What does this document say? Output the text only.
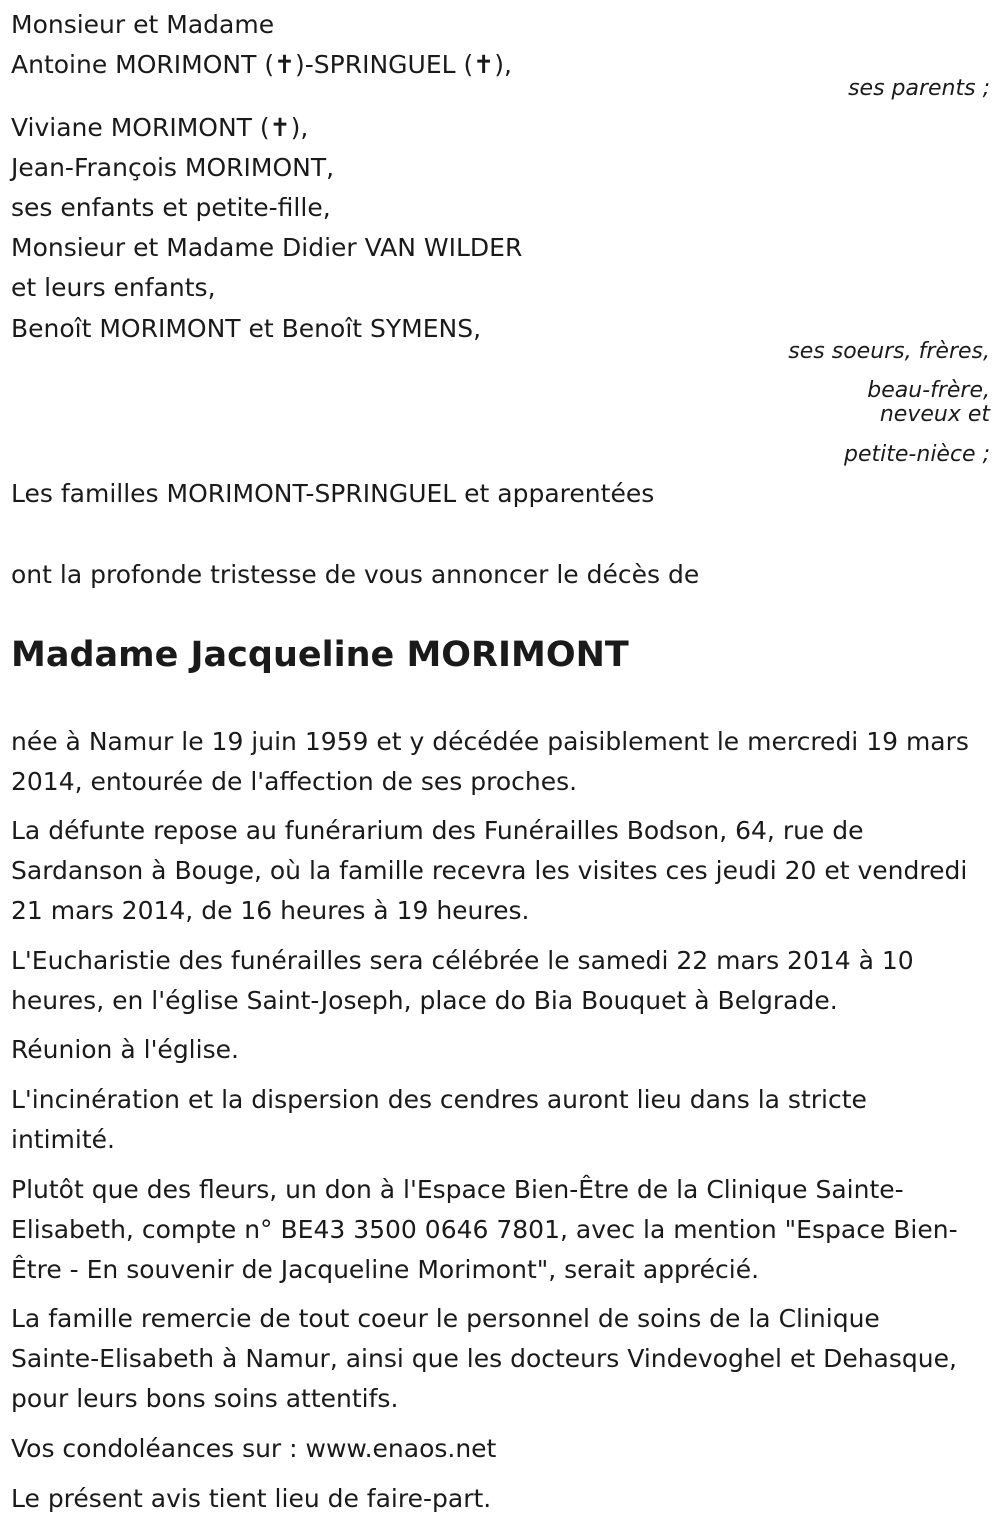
Monsieur et Madame

Antoine MORIMONT (✝)-SPRINGUEL (✝),

ses parents ;

Viviane MORIMONT (✝),

Jean-François MORIMONT,

ses enfants et petite-fille,

Monsieur et Madame Didier VAN WILDER

et leurs enfants,

Benoît MORIMONT et Benoît SYMENS,

ses soeurs, frères,

beau-frère,

neveux et

petite-nièce ;

Les familles MORIMONT-SPRINGUEL et apparentées

ont la profonde tristesse de vous annoncer le décès de

Madame Jacqueline MORIMONT

née à Namur le 19 juin 1959 et y décédée paisiblement le mercredi 19 mars 2014, entourée de l'affection de ses proches.

La défunte repose au funérarium des Funérailles Bodson, 64, rue de Sardanson à Bouge, où la famille recevra les visites ces jeudi 20 et vendredi 21 mars 2014, de 16 heures à 19 heures.

L'Eucharistie des funérailles sera célébrée le samedi 22 mars 2014 à 10 heures, en l'église Saint-Joseph, place do Bia Bouquet à Belgrade.

Réunion à l'église.

L'incinération et la dispersion des cendres auront lieu dans la stricte intimité.

Plutôt que des fleurs, un don à l'Espace Bien-Être de la Clinique Sainte-Elisabeth, compte n° BE43 3500 0646 7801, avec la mention "Espace Bien-Être - En souvenir de Jacqueline Morimont", serait apprécié.

La famille remercie de tout coeur le personnel de soins de la Clinique Sainte-Elisabeth à Namur, ainsi que les docteurs Vindevoghel et Dehasque, pour leurs bons soins attentifs.

Vos condoléances sur : www.enaos.net

Le présent avis tient lieu de faire-part.
